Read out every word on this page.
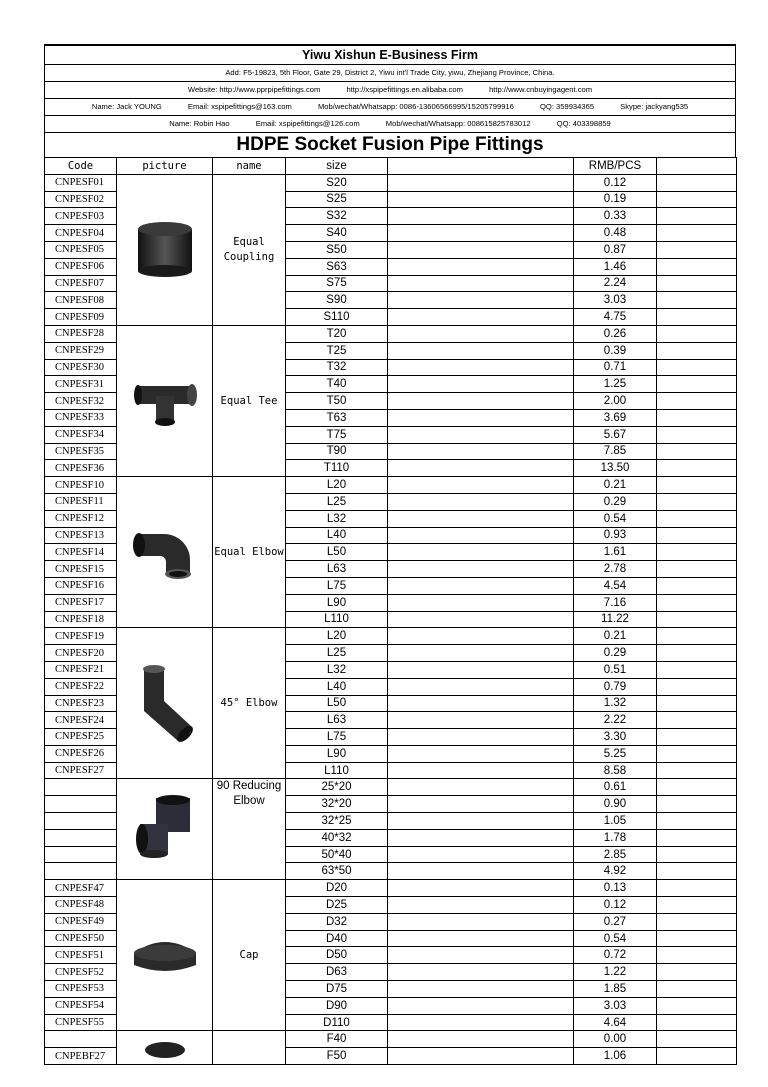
Yiwu Xishun E-Business Firm
Add: F5-19823, 5th Floor, Gate 29, District 2, Yiwu int'l Trade City, yiwu, Zhejiang Province, China.
Website: http://www.pprpipefittings.com	http://xspipefittings.en.alibaba.com	http://www.cnbuyingagent.com
Name: Jack YOUNG	Email: xspipefittings@163.com	Mob/wechat/Whatsapp: 0086-13606566995/15205799916	QQ: 359934365	Skype: jackyang535
Name: Robin Hao	Email: xspipefittings@126.com	Mob/wechat/Whatsapp: 008615825783012	QQ: 403398859
HDPE Socket Fusion Pipe Fittings
Code	picture	name	size		RMB/PCS	
CNPESF01		Equal Coupling	S20		0.12	
CNPESF02			S25		0.19	
CNPESF03			S32		0.33	
CNPESF04			S40		0.48	
CNPESF05			S50		0.87	
CNPESF06			S63		1.46	
CNPESF07			S75		2.24	
CNPESF08			S90		3.03	
CNPESF09			S110		4.75	
CNPESF28		Equal Tee	T20		0.26	
CNPESF29			T25		0.39	
CNPESF30			T32		0.71	
CNPESF31			T40		1.25	
CNPESF32			T50		2.00	
CNPESF33			T63		3.69	
CNPESF34			T75		5.67	
CNPESF35			T90		7.85	
CNPESF36			T110		13.50	
CNPESF10		Equal Elbow	L20		0.21	
CNPESF11			L25		0.29	
CNPESF12			L32		0.54	
CNPESF13			L40		0.93	
CNPESF14			L50		1.61	
CNPESF15			L63		2.78	
CNPESF16			L75		4.54	
CNPESF17			L90		7.16	
CNPESF18			L110		11.22	
CNPESF19		45° Elbow	L20		0.21	
CNPESF20			L25		0.29	
CNPESF21			L32		0.51	
CNPESF22			L40		0.79	
CNPESF23			L50		1.32	
CNPESF24			L63		2.22	
CNPESF25			L75		3.30	
CNPESF26			L90		5.25	
CNPESF27			L110		8.58	
		90 Reducing Elbow	25*20		0.61	
			32*20		0.90	
			32*25		1.05	
			40*32		1.78	
			50*40		2.85	
			63*50		4.92	
CNPESF47		Cap	D20		0.13	
CNPESF48			D25		0.12	
CNPESF49			D32		0.27	
CNPESF50			D40		0.54	
CNPESF51			D50		0.72	
CNPESF52			D63		1.22	
CNPESF53			D75		1.85	
CNPESF54			D90		3.03	
CNPESF55			D110		4.64	
			F40		0.00	
CNPEBF27			F50		1.06	
